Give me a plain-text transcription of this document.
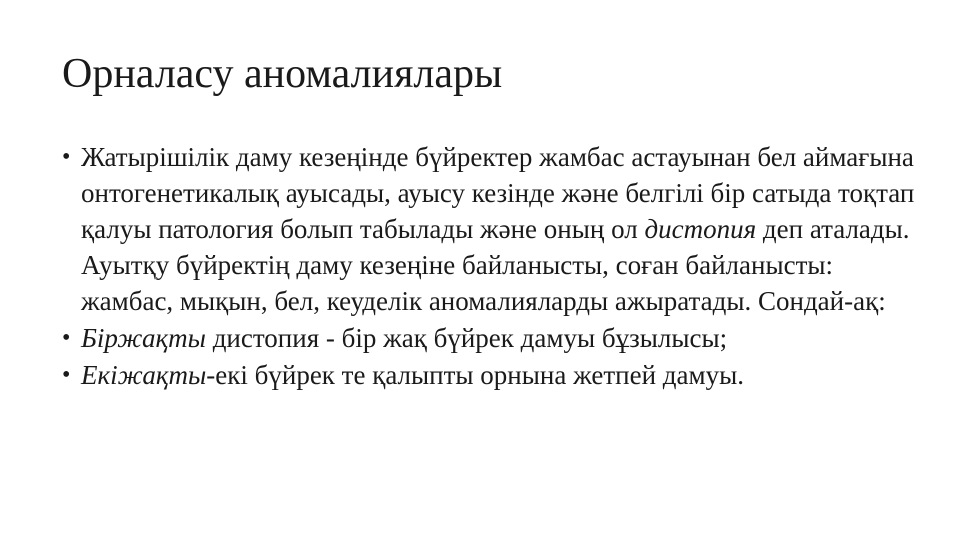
Орналасу аномалиялары
• Жатырішілік даму кезеңінде бүйректер жамбас астауынан бел аймағына онтогенетикалық ауысады, ауысу кезінде және белгілі бір сатыда тоқтап қалуы патология болып табылады және оның ол дистопия деп аталады. Ауытқу бүйректің даму кезеңіне байланысты, соған байланысты: жамбас, мықын, бел, кеуделік аномалияларды ажыратады. Сондай-ақ:
• Біржақты дистопия - бір жақ бүйрек дамуы бұзылысы;
• Екіжақты-екі бүйрек те қалыпты орнына жетпей дамуы.
